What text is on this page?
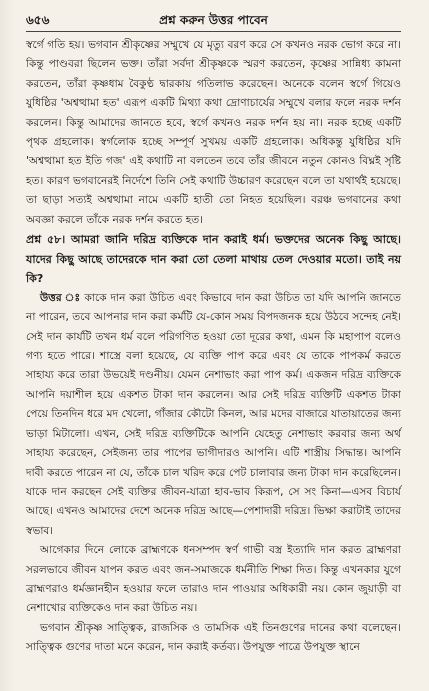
৬৫৬	প্রশ্ন করুন উত্তর পাবেন

স্বর্গে গতি হয়। ভগবান শ্রীকৃষ্ণের সম্মুখে যে মৃত্যু বরণ করে সে কখনও নরক ভোগ করে না। কিন্তু পাণ্ডবরা ছিলেন ভক্ত। তাঁরা সর্বদা শ্রীকৃষ্ণকে স্মরণ করতেন, কৃষ্ণের সান্নিধ্য কামনা করতেন, তাঁরা কৃষ্ণধাম বৈকুণ্ঠ দ্বারকায় গতিলাভ করেছেন। অনেকে বলেন স্বর্গে গিয়েও যুধিষ্ঠির 'অশ্বত্থামা হত' এরূপ একটি মিথ্যা কথা দ্রোণাচার্যের সম্মুখে বলার ফলে নরক দর্শন করলেন। কিন্তু আমাদের জানতে হবে, স্বর্গে কখনও নরক দর্শন হয় না। নরক হচ্ছে একটি পৃথক গ্রহলোক। স্বর্গলোক হচ্ছে সম্পূর্ণ সুখময় একটি গ্রহলোক। অধিকন্তু যুধিষ্ঠির যদি 'অশ্বত্থামা হত ইতি গজ' এই কথাটি না বলতেন তবে তাঁর জীবনে নতুন কোনও বিঘ্নই সৃষ্টি হত। কারণ ভগবানেরই নির্দেশে তিনি সেই কথাটি উচ্চারণ করেছেন বলে তা যথার্থই হয়েছে। তা ছাড়া সত্যই অশ্বত্থামা নামে একটি হাতী তো নিহত হয়েছিল। বরঞ্চ ভগবানের কথা অবজ্ঞা করলে তাঁকে নরক দর্শন করতে হত।

প্রশ্ন ৫৮। আমরা জানি দরিদ্র ব্যক্তিকে দান করাই ধর্ম। ভক্তদের অনেক কিছু আছে। যাদের কিছু আছে তাদেরকে দান করা তো তেলা মাথায় তেল দেওয়ার মতো। তাই নয় কি?

উত্তর ঃ কাকে দান করা উচিত এবং কিভাবে দান করা উচিত তা যদি আপনি জানতে না পারেন, তবে আপনার দান করা কর্মটি যে-কোন সময় বিপদজনক হয়ে উঠবে সন্দেহ নেই। সেই দান কার্যটি তখন ধর্ম বলে পরিগণিত হওয়া তো দূরের কথা, এমন কি মহাপাপ বলেও গণ্য হতে পারে। শাস্ত্রে বলা হয়েছে, যে ব্যক্তি পাপ করে এবং যে তাকে পাপকর্ম করতে সাহায্য করে তারা উভয়েই দণ্ডনীয়। যেমন নেশাভাং করা পাপ কর্ম। একজন দরিদ্র ব্যক্তিকে আপনি দয়াশীল হয়ে একশত টাকা দান করলেন। আর সেই দরিদ্র ব্যক্তিটি একশত টাকা পেয়ে তিনদিন ধরে মদ খেলো, গাঁজার কৌটো কিনল, আর মদের বাজারে যাতায়াতের জন্য ভাড়া মিটালো। এখন, সেই দরিদ্র ব্যক্তিটিকে আপনি যেহেতু নেশাভাং করবার জন্য অর্থ সাহায্য করেছেন, সেইজন্য তার পাপের ভাগীদারও আপনি। এটি শাস্ত্রীয় সিদ্ধান্ত। আপনি দাবী করতে পারেন না যে, তাঁকে চাল খরিদ করে পেট চালাবার জন্য টাকা দান করেছিলেন। যাকে দান করছেন সেই ব্যক্তির জীবন-যাত্রা হাব-ভাব কিরূপ, সে সং কিনা—এসব বিচার্য আছে। এখনও আমাদের দেশে অনেক দরিদ্র আছে—পেশাদারী দরিদ্র। ভিক্ষা করাটাই তাদের স্বভাব।

আগেকার দিনে লোকে ব্রাহ্মণকে ধনসম্পদ স্বর্ণ গাভী বস্ত্র ইত্যাদি দান করত ব্রাহ্মণরা সরলভাবে জীবন যাপন করত এবং জন-সমাজকে ধর্মনীতি শিক্ষা দিত। কিন্তু এখনকার যুগে ব্রাহ্মণরাও ধর্মজ্ঞানহীন হওয়ার ফলে তারাও দান পাওয়ার অধিকারী নয়। কোন জুয়াড়ী বা নেশাখোর ব্যক্তিকেও দান করা উচিত নয়।

ভগবান শ্রীকৃষ্ণ সাত্ত্বিক, রাজসিক ও তামসিক এই তিনগুণের দানের কথা বলেছেন। সাত্ত্বিক গুণের দাতা মনে করেন, দান করাই কর্তব্য। উপযুক্ত পাত্রে উপযুক্ত স্থানে
